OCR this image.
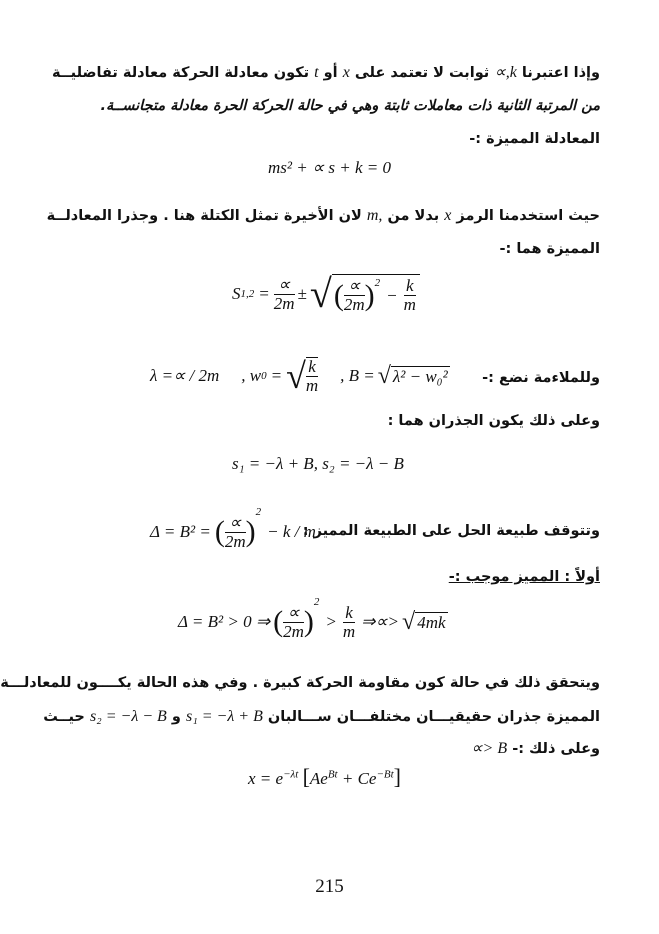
وإذا اعتبرنا ∝,k ثوابت لا تعتمد على x أو t تكون معادلة الحركة معادلة تفاضليــة
من المرتبة الثانية ذات معاملات ثابتة وهي في حالة الحركة الحرة معادلة متجانســة.
المعادلة المميزة :-
ms² + ∝ s + k = 0
حيث استخدمنا الرمز x بدلا من m, لان الأخيرة تمثل الكتلة هنا . وجذرا المعادلــة
المميزة هما :-
S $1,2 = \frac{\propto}{2m}$ ± √ ( $\frac{\propto}{2m} )^2$
− $\frac{k}{m}$
وللملاءمة نضع :-
λ =∝ / 2m , w 0 = √ $\frac{k}{m}$ , B = √ λ² − w₀²
وعلى ذلك يكون الجذران هما :
s₁ = −λ + B, s₂ = −λ − B
وتتوقف طبيعة الحل على الطبيعة المميز :
Δ = B² = ( $\frac{\propto}{2m}$ )
$^2$
− k / m
أولاً : المميز موجب :-
Δ = B² > 0 ⇒ ( $\frac{\propto}{2m}$ )
$^2$
> $\frac{k}{m}$ ⇒∝> √ 4mk
ويتحقق ذلك في حالة كون مقاومة الحركة كبيرة . وفي هذه الحالة يكــــون للمعادلـــة
المميزة جذران حقيقيـــان مختلفـــان ســـالبان s₁ = −λ + B و s₂ = −λ − B حيــث
وعلى ذلك :- ∝> B
$x = e^{-\lambda t}$ $[Ae^{Bt} + Ce^{-Bt}]$
215
